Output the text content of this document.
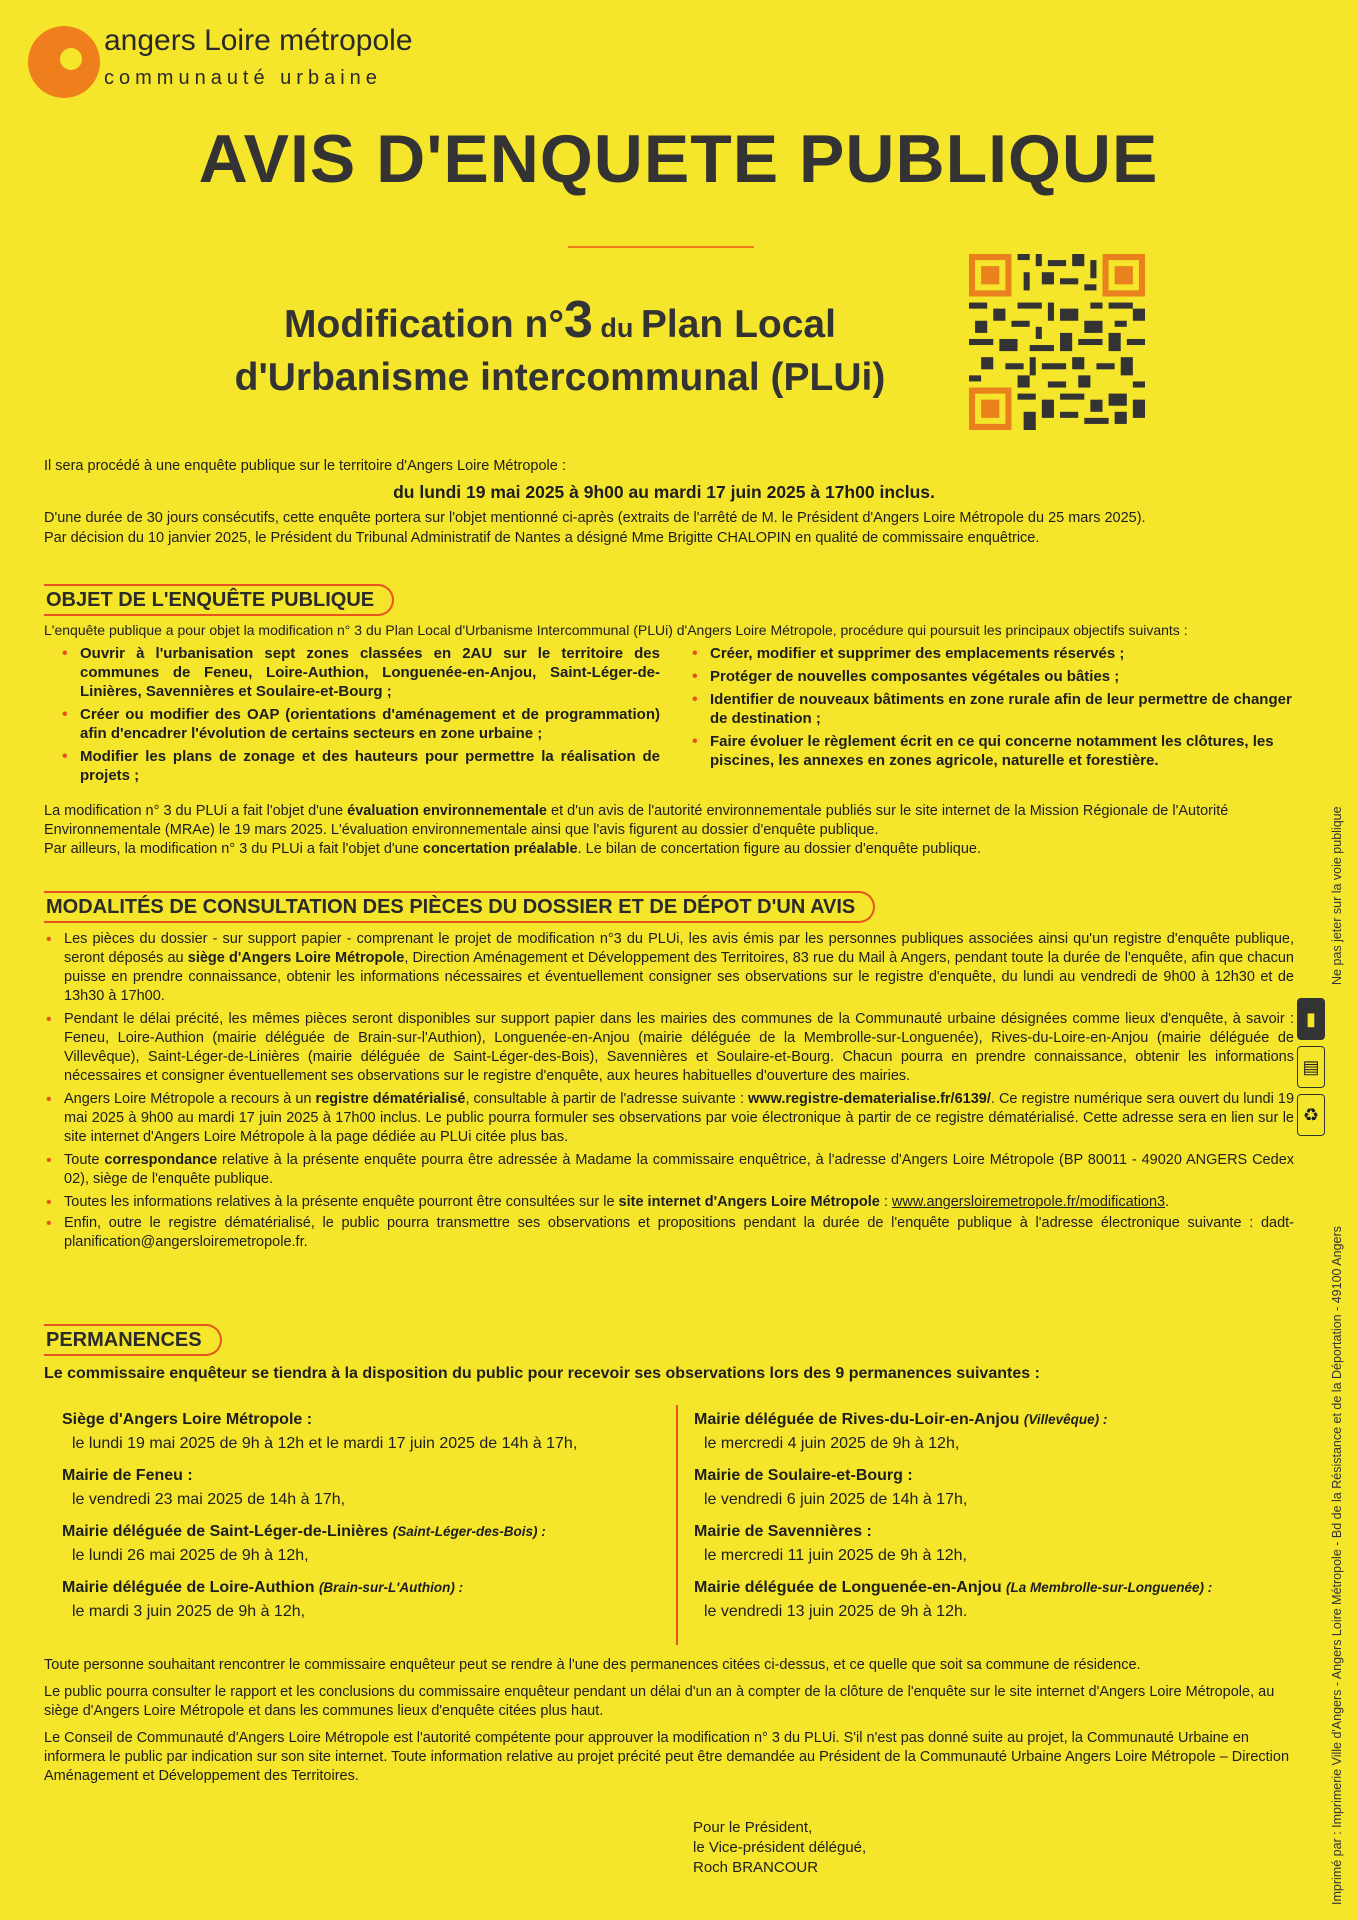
angers Loire métropole
communauté urbaine
AVIS D'ENQUETE PUBLIQUE
Modification n°3 du Plan Local
d'Urbanisme intercommunal (PLUi)

Il sera procédé à une enquête publique sur le territoire d'Angers Loire Métropole :

du lundi 19 mai 2025 à 9h00 au mardi 17 juin 2025 à 17h00 inclus.

D'une durée de 30 jours consécutifs, cette enquête portera sur l'objet mentionné ci-après (extraits de l'arrêté de M. le Président d'Angers Loire Métropole du 25 mars 2025).

Par décision du 10 janvier 2025, le Président du Tribunal Administratif de Nantes a désigné Mme Brigitte CHALOPIN en qualité de commissaire enquêtrice.

OBJET DE L'ENQUÊTE PUBLIQUE
L'enquête publique a pour objet la modification n° 3 du Plan Local d'Urbanisme Intercommunal (PLUi) d'Angers Loire Métropole, procédure qui poursuit les principaux objectifs suivants :
• Ouvrir à l'urbanisation sept zones classées en 2AU sur le territoire des communes de Feneu, Loire-Authion, Longuenée-en-Anjou, Saint-Léger-de-Linières, Savennières et Soulaire-et-Bourg ;
• Créer ou modifier des OAP (orientations d'aménagement et de programmation) afin d'encadrer l'évolution de certains secteurs en zone urbaine ;
• Modifier les plans de zonage et des hauteurs pour permettre la réalisation de projets ;
• Créer, modifier et supprimer des emplacements réservés ;
• Protéger de nouvelles composantes végétales ou bâties ;
• Identifier de nouveaux bâtiments en zone rurale afin de leur permettre de changer de destination ;
• Faire évoluer le règlement écrit en ce qui concerne notamment les clôtures, les piscines, les annexes en zones agricole, naturelle et forestière.

La modification n° 3 du PLUi a fait l'objet d'une évaluation environnementale et d'un avis de l'autorité environnementale publiés sur le site internet de la Mission Régionale de l'Autorité Environnementale (MRAe) le 19 mars 2025. L'évaluation environnementale ainsi que l'avis figurent au dossier d'enquête publique.

Par ailleurs, la modification n° 3 du PLUi a fait l'objet d'une concertation préalable. Le bilan de concertation figure au dossier d'enquête publique.

MODALITÉS DE CONSULTATION DES PIÈCES DU DOSSIER ET DE DÉPOT D'UN AVIS
• Les pièces du dossier - sur support papier - comprenant le projet de modification n°3 du PLUi, les avis émis par les personnes publiques associées ainsi qu'un registre d'enquête publique, seront déposés au siège d'Angers Loire Métropole, Direction Aménagement et Développement des Territoires, 83 rue du Mail à Angers, pendant toute la durée de l'enquête, afin que chacun puisse en prendre connaissance, obtenir les informations nécessaires et éventuellement consigner ses observations sur le registre d'enquête, du lundi au vendredi de 9h00 à 12h30 et de 13h30 à 17h00.
• Pendant le délai précité, les mêmes pièces seront disponibles sur support papier dans les mairies des communes de la Communauté urbaine désignées comme lieux d'enquête, à savoir : Feneu, Loire-Authion (mairie déléguée de Brain-sur-l'Authion), Longuenée-en-Anjou (mairie déléguée de la Membrolle-sur-Longuenée), Rives-du-Loire-en-Anjou (mairie déléguée de Villevêque), Saint-Léger-de-Linières (mairie déléguée de Saint-Léger-des-Bois), Savennières et Soulaire-et-Bourg. Chacun pourra en prendre connaissance, obtenir les informations nécessaires et consigner éventuellement ses observations sur le registre d'enquête, aux heures habituelles d'ouverture des mairies.
• Angers Loire Métropole a recours à un registre dématérialisé, consultable à partir de l'adresse suivante : www.registre-dematerialise.fr/6139/. Ce registre numérique sera ouvert du lundi 19 mai 2025 à 9h00 au mardi 17 juin 2025 à 17h00 inclus. Le public pourra formuler ses observations par voie électronique à partir de ce registre dématérialisé. Cette adresse sera en lien sur le site internet d'Angers Loire Métropole à la page dédiée au PLUi citée plus bas.
• Toute correspondance relative à la présente enquête pourra être adressée à Madame la commissaire enquêtrice, à l'adresse d'Angers Loire Métropole (BP 80011 - 49020 ANGERS Cedex 02), siège de l'enquête publique.
• Toutes les informations relatives à la présente enquête pourront être consultées sur le site internet d'Angers Loire Métropole : www.angersloiremetropole.fr/modification3.
• Enfin, outre le registre dématérialisé, le public pourra transmettre ses observations et propositions pendant la durée de l'enquête publique à l'adresse électronique suivante : dadt-planification@angersloiremetropole.fr.
PERMANENCES
Le commissaire enquêteur se tiendra à la disposition du public pour recevoir ses observations lors des 9 permanences suivantes :
Siège d'Angers Loire Métropole :
le lundi 19 mai 2025 de 9h à 12h et le mardi 17 juin 2025 de 14h à 17h,
Mairie de Feneu :
le vendredi 23 mai 2025 de 14h à 17h,
Mairie déléguée de Saint-Léger-de-Linières (Saint-Léger-des-Bois) :
le lundi 26 mai 2025 de 9h à 12h,
Mairie déléguée de Loire-Authion (Brain-sur-L'Authion) :
le mardi 3 juin 2025 de 9h à 12h,
Mairie déléguée de Rives-du-Loir-en-Anjou (Villevêque) :
le mercredi 4 juin 2025 de 9h à 12h,
Mairie de Soulaire-et-Bourg :
le vendredi 6 juin 2025 de 14h à 17h,
Mairie de Savennières :
le mercredi 11 juin 2025 de 9h à 12h,
Mairie déléguée de Longuenée-en-Anjou (La Membrolle-sur-Longuenée) :
le vendredi 13 juin 2025 de 9h à 12h.

Toute personne souhaitant rencontrer le commissaire enquêteur peut se rendre à l'une des permanences citées ci-dessus, et ce quelle que soit sa commune de résidence.

Le public pourra consulter le rapport et les conclusions du commissaire enquêteur pendant un délai d'un an à compter de la clôture de l'enquête sur le site internet d'Angers Loire Métropole, au siège d'Angers Loire Métropole et dans les communes lieux d'enquête citées plus haut.

Le Conseil de Communauté d'Angers Loire Métropole est l'autorité compétente pour approuver la modification n° 3 du PLUi. S'il n'est pas donné suite au projet, la Communauté Urbaine en informera le public par indication sur son site internet. Toute information relative au projet précité peut être demandée au Président de la Communauté Urbaine Angers Loire Métropole – Direction Aménagement et Développement des Territoires.

Pour le Président,
le Vice-président délégué,
Roch BRANCOUR
Ne pas jeter sur la voie publique
▮
▤
♻
Imprimé par : Imprimerie Ville d'Angers - Angers Loire Métropole - Bd de la Résistance et de la Déportation - 49100 Angers
